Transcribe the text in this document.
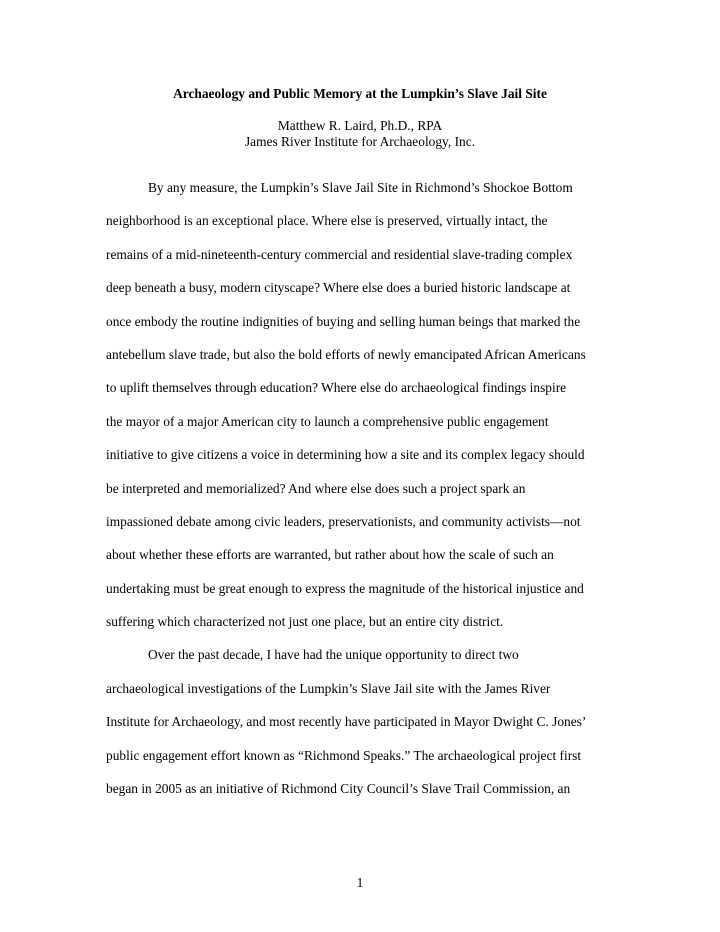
Archaeology and Public Memory at the Lumpkin’s Slave Jail Site
Matthew R. Laird, Ph.D., RPA
James River Institute for Archaeology, Inc.
By any measure, the Lumpkin’s Slave Jail Site in Richmond’s Shockoe Bottom
neighborhood is an exceptional place. Where else is preserved, virtually intact, the
remains of a mid-nineteenth-century commercial and residential slave-trading complex
deep beneath a busy, modern cityscape? Where else does a buried historic landscape at
once embody the routine indignities of buying and selling human beings that marked the
antebellum slave trade, but also the bold efforts of newly emancipated African Americans
to uplift themselves through education? Where else do archaeological findings inspire
the mayor of a major American city to launch a comprehensive public engagement
initiative to give citizens a voice in determining how a site and its complex legacy should
be interpreted and memorialized? And where else does such a project spark an
impassioned debate among civic leaders, preservationists, and community activists—not
about whether these efforts are warranted, but rather about how the scale of such an
undertaking must be great enough to express the magnitude of the historical injustice and
suffering which characterized not just one place, but an entire city district.
Over the past decade, I have had the unique opportunity to direct two
archaeological investigations of the Lumpkin’s Slave Jail site with the James River
Institute for Archaeology, and most recently have participated in Mayor Dwight C. Jones’
public engagement effort known as “Richmond Speaks.” The archaeological project first
began in 2005 as an initiative of Richmond City Council’s Slave Trail Commission, an
1
